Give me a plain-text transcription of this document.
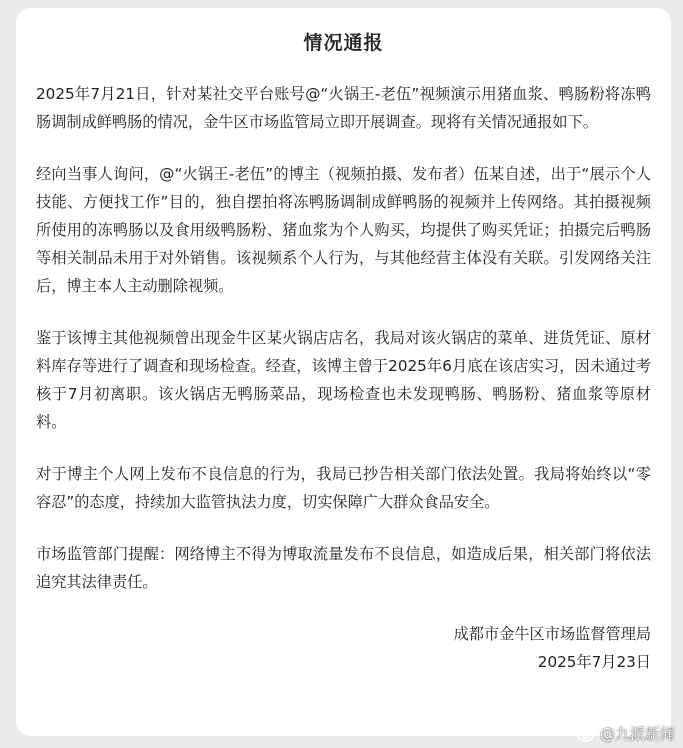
情况通报

2025年7月21日，针对某社交平台账号@“火锅王-老伍”视频演示用猪血浆、鸭肠粉将冻鸭肠调制成鲜鸭肠的情况，金牛区市场监管局立即开展调查。现将有关情况通报如下。

经向当事人询问，@“火锅王-老伍”的博主（视频拍摄、发布者）伍某自述，出于“展示个人技能、方便找工作”目的，独自摆拍将冻鸭肠调制成鲜鸭肠的视频并上传网络。其拍摄视频所使用的冻鸭肠以及食用级鸭肠粉、猪血浆为个人购买，均提供了购买凭证；拍摄完后鸭肠等相关制品未用于对外销售。该视频系个人行为，与其他经营主体没有关联。引发网络关注后，博主本人主动删除视频。

鉴于该博主其他视频曾出现金牛区某火锅店店名，我局对该火锅店的菜单、进货凭证、原材料库存等进行了调查和现场检查。经查，该博主曾于2025年6月底在该店实习，因未通过考核于7月初离职。该火锅店无鸭肠菜品，现场检查也未发现鸭肠、鸭肠粉、猪血浆等原材料。

对于博主个人网上发布不良信息的行为，我局已抄告相关部门依法处置。我局将始终以“零容忍”的态度，持续加大监管执法力度，切实保障广大群众食品安全。

市场监管部门提醒：网络博主不得为博取流量发布不良信息，如造成后果，相关部门将依法追究其法律责任。

成都市金牛区市场监督管理局
2025年7月23日
@九派新闻
